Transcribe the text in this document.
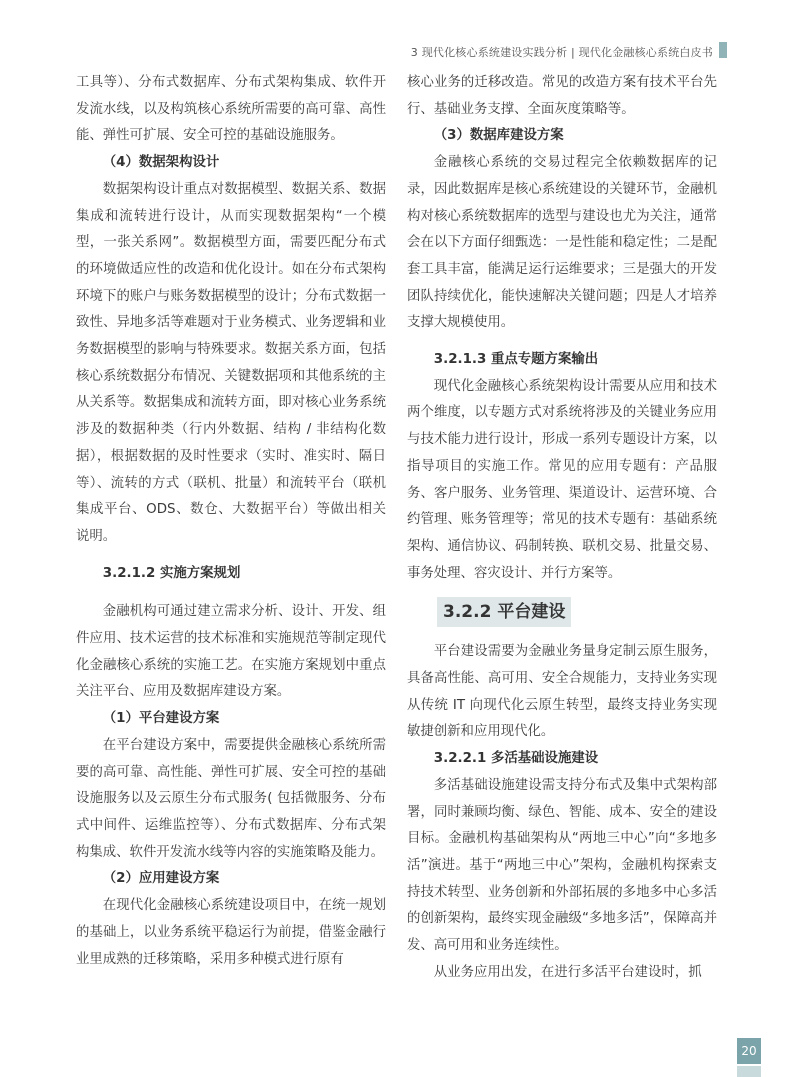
3 现代化核心系统建设实践分析 | 现代化金融核心系统白皮书

工具等）、分布式数据库、分布式架构集成、软件开发流水线，以及构筑核心系统所需要的高可靠、高性能、弹性可扩展、安全可控的基础设施服务。

（4）数据架构设计

数据架构设计重点对数据模型、数据关系、数据集成和流转进行设计，从而实现数据架构“一个模型，一张关系网”。数据模型方面，需要匹配分布式的环境做适应性的改造和优化设计。如在分布式架构环境下的账户与账务数据模型的设计；分布式数据一致性、异地多活等难题对于业务模式、业务逻辑和业务数据模型的影响与特殊要求。数据关系方面，包括核心系统数据分布情况、关键数据项和其他系统的主从关系等。数据集成和流转方面，即对核心业务系统涉及的数据种类（行内外数据、结构 / 非结构化数据），根据数据的及时性要求（实时、准实时、隔日等）、流转的方式（联机、批量）和流转平台（联机集成平台、ODS、数仓、大数据平台）等做出相关说明。

3.2.1.2 实施方案规划

金融机构可通过建立需求分析、设计、开发、组件应用、技术运营的技术标准和实施规范等制定现代化金融核心系统的实施工艺。在实施方案规划中重点关注平台、应用及数据库建设方案。

（1）平台建设方案

在平台建设方案中，需要提供金融核心系统所需要的高可靠、高性能、弹性可扩展、安全可控的基础设施服务以及云原生分布式服务( 包括微服务、分布式中间件、运维监控等）、分布式数据库、分布式架构集成、软件开发流水线等内容的实施策略及能力。

（2）应用建设方案

在现代化金融核心系统建设项目中，在统一规划的基础上，以业务系统平稳运行为前提，借鉴金融行业里成熟的迁移策略，采用多种模式进行原有

核心业务的迁移改造。常见的改造方案有技术平台先行、基础业务支撑、全面灰度策略等。

（3）数据库建设方案

金融核心系统的交易过程完全依赖数据库的记录，因此数据库是核心系统建设的关键环节，金融机构对核心系统数据库的选型与建设也尤为关注，通常会在以下方面仔细甄选：一是性能和稳定性；二是配套工具丰富，能满足运行运维要求；三是强大的开发团队持续优化，能快速解决关键问题；四是人才培养支撑大规模使用。

3.2.1.3 重点专题方案输出

现代化金融核心系统架构设计需要从应用和技术两个维度，以专题方式对系统将涉及的关键业务应用与技术能力进行设计，形成一系列专题设计方案，以指导项目的实施工作。常见的应用专题有：产品服务、客户服务、业务管理、渠道设计、运营环境、合约管理、账务管理等；常见的技术专题有：基础系统架构、通信协议、码制转换、联机交易、批量交易、事务处理、容灾设计、并行方案等。

3.2.2 平台建设

平台建设需要为金融业务量身定制云原生服务，具备高性能、高可用、安全合规能力，支持业务实现从传统 IT 向现代化云原生转型，最终支持业务实现敏捷创新和应用现代化。

3.2.2.1 多活基础设施建设

多活基础设施建设需支持分布式及集中式架构部署，同时兼顾均衡、绿色、智能、成本、安全的建设目标。金融机构基础架构从“两地三中心”向“多地多活”演进。基于“两地三中心”架构，金融机构探索支持技术转型、业务创新和外部拓展的多地多中心多活的创新架构，最终实现金融级“多地多活”，保障高并发、高可用和业务连续性。

从业务应用出发，在进行多活平台建设时，抓

20
